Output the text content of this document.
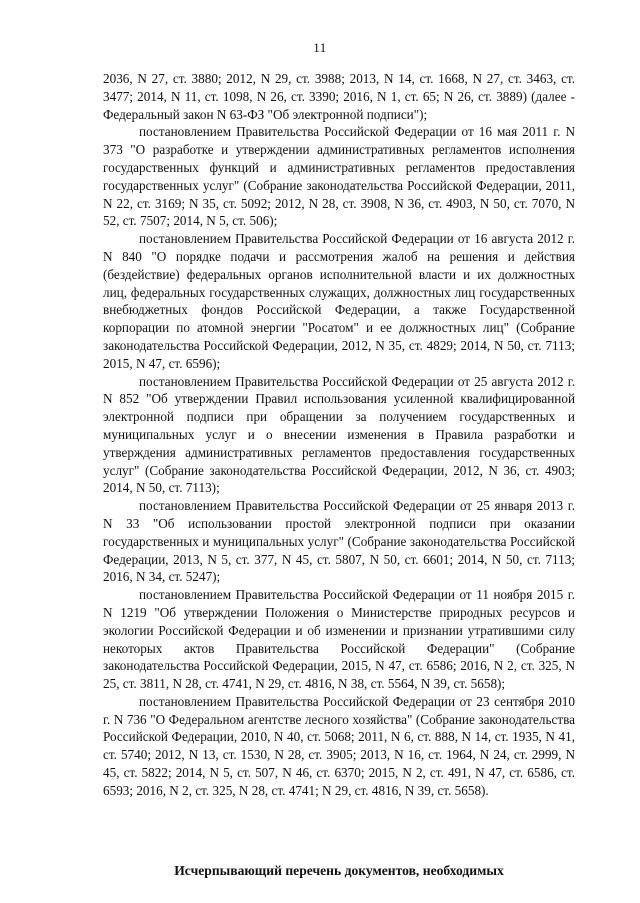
11

2036, N 27, ст. 3880; 2012, N 29, ст. 3988; 2013, N 14, ст. 1668, N 27, ст. 3463, ст. 3477; 2014, N 11, ст. 1098, N 26, ст. 3390; 2016, N 1, ст. 65; N 26, ст. 3889) (далее - Федеральный закон N 63-ФЗ "Об электронной подписи");

постановлением Правительства Российской Федерации от 16 мая 2011 г. N 373 "О разработке и утверждении административных регламентов исполнения государственных функций и административных регламентов предоставления государственных услуг" (Собрание законодательства Российской Федерации, 2011, N 22, ст. 3169; N 35, ст. 5092; 2012, N 28, ст. 3908, N 36, ст. 4903, N 50, ст. 7070, N 52, ст. 7507; 2014, N 5, ст. 506);

постановлением Правительства Российской Федерации от 16 августа 2012 г. N 840 "О порядке подачи и рассмотрения жалоб на решения и действия (бездействие) федеральных органов исполнительной власти и их должностных лиц, федеральных государственных служащих, должностных лиц государственных внебюджетных фондов Российской Федерации, а также Государственной корпорации по атомной энергии "Росатом" и ее должностных лиц" (Собрание законодательства Российской Федерации, 2012, N 35, ст. 4829; 2014, N 50, ст. 7113; 2015, N 47, ст. 6596);

постановлением Правительства Российской Федерации от 25 августа 2012 г. N 852 "Об утверждении Правил использования усиленной квалифицированной электронной подписи при обращении за получением государственных и муниципальных услуг и о внесении изменения в Правила разработки и утверждения административных регламентов предоставления государственных услуг" (Собрание законодательства Российской Федерации, 2012, N 36, ст. 4903; 2014, N 50, ст. 7113);

постановлением Правительства Российской Федерации от 25 января 2013 г. N 33 "Об использовании простой электронной подписи при оказании государственных и муниципальных услуг" (Собрание законодательства Российской Федерации, 2013, N 5, ст. 377, N 45, ст. 5807, N 50, ст. 6601; 2014, N 50, ст. 7113; 2016, N 34, ст. 5247);

постановлением Правительства Российской Федерации от 11 ноября 2015 г. N 1219 "Об утверждении Положения о Министерстве природных ресурсов и экологии Российской Федерации и об изменении и признании утратившими силу некоторых актов Правительства Российской Федерации" (Собрание законодательства Российской Федерации, 2015, N 47, ст. 6586; 2016, N 2, ст. 325, N 25, ст. 3811, N 28, ст. 4741, N 29, ст. 4816, N 38, ст. 5564, N 39, ст. 5658);

постановлением Правительства Российской Федерации от 23 сентября 2010 г. N 736 "О Федеральном агентстве лесного хозяйства" (Собрание законодательства Российской Федерации, 2010, N 40, ст. 5068; 2011, N 6, ст. 888, N 14, ст. 1935, N 41, ст. 5740; 2012, N 13, ст. 1530, N 28, ст. 3905; 2013, N 16, ст. 1964, N 24, ст. 2999, N 45, ст. 5822; 2014, N 5, ст. 507, N 46, ст. 6370; 2015, N 2, ст. 491, N 47, ст. 6586, ст. 6593; 2016, N 2, ст. 325, N 28, ст. 4741; N 29, ст. 4816, N 39, ст. 5658).

Исчерпывающий перечень документов, необходимых
